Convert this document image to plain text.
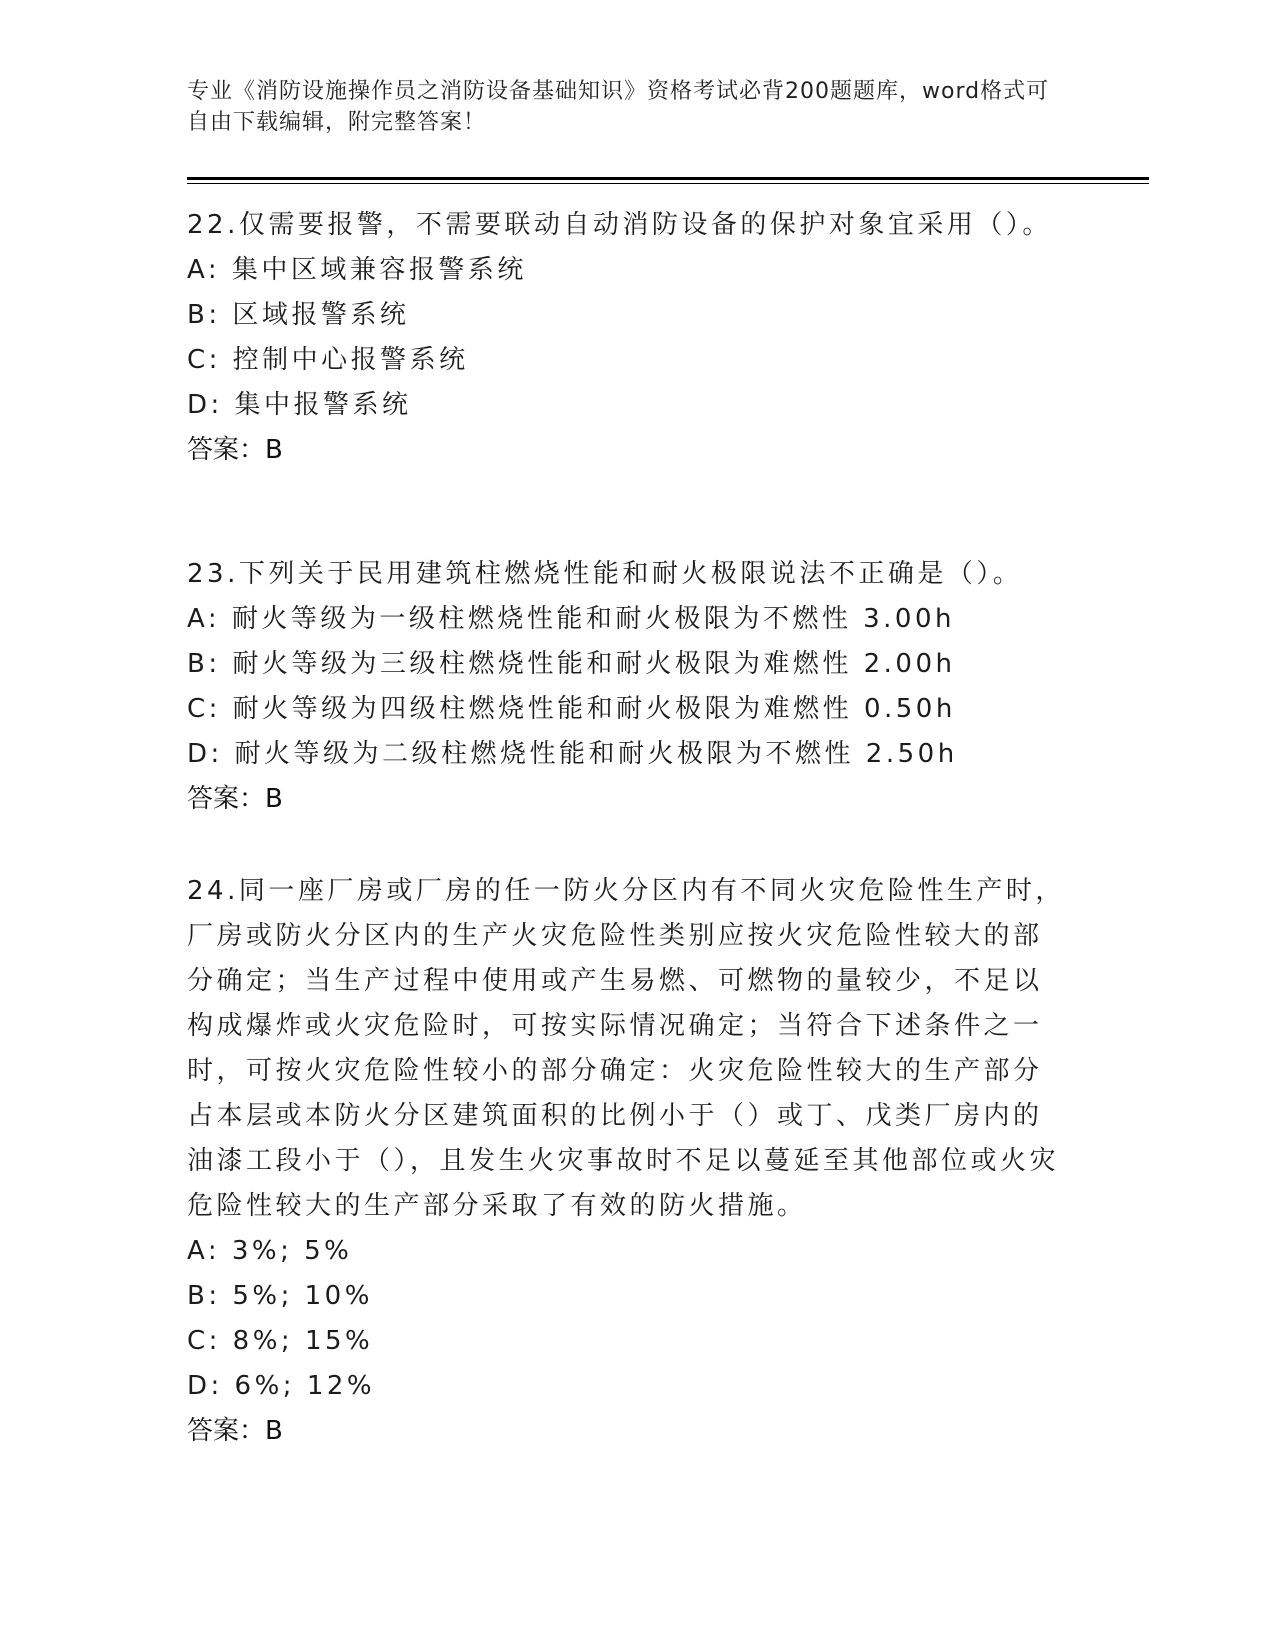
专业《消防设施操作员之消防设备基础知识》资格考试必背200题题库，word格式可自由下载编辑，附完整答案！

22.仅需要报警，不需要联动自动消防设备的保护对象宜采用（）。

A: 集中区域兼容报警系统

B: 区域报警系统

C: 控制中心报警系统

D: 集中报警系统

答案：B

23.下列关于民用建筑柱燃烧性能和耐火极限说法不正确是（）。

A: 耐火等级为一级柱燃烧性能和耐火极限为不燃性 3.00h

B: 耐火等级为三级柱燃烧性能和耐火极限为难燃性 2.00h

C: 耐火等级为四级柱燃烧性能和耐火极限为难燃性 0.50h

D: 耐火等级为二级柱燃烧性能和耐火极限为不燃性 2.50h

答案：B

24.同一座厂房或厂房的任一防火分区内有不同火灾危险性生产时，厂房或防火分区内的生产火灾危险性类别应按火灾危险性较大的部分确定；当生产过程中使用或产生易燃、可燃物的量较少，不足以构成爆炸或火灾危险时，可按实际情况确定；当符合下述条件之一时，可按火灾危险性较小的部分确定：火灾危险性较大的生产部分占本层或本防火分区建筑面积的比例小于（）或丁、戊类厂房内的油漆工段小于（），且发生火灾事故时不足以蔓延至其他部位或火灾危险性较大的生产部分采取了有效的防火措施。

A: 3%; 5%

B: 5%; 10%

C: 8%; 15%

D: 6%; 12%

答案：B
